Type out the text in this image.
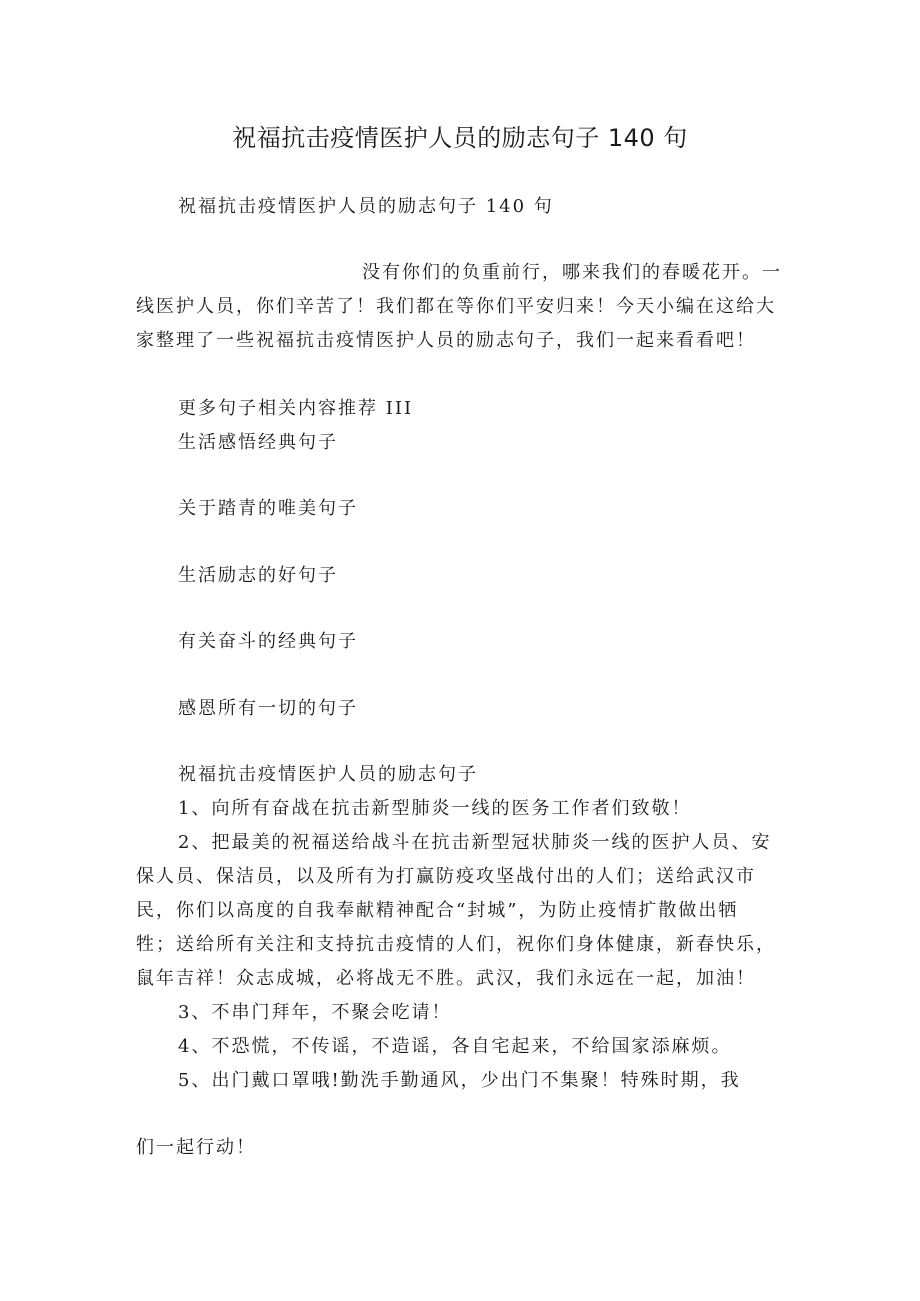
祝福抗击疫情医护人员的励志句子 140 句
祝福抗击疫情医护人员的励志句子 140 句
没有你们的负重前行，哪来我们的春暖花开。一
线医护人员，你们辛苦了！我们都在等你们平安归来！今天小编在这给大
家整理了一些祝福抗击疫情医护人员的励志句子，我们一起来看看吧！
更多句子相关内容推荐 III
生活感悟经典句子
关于踏青的唯美句子
生活励志的好句子
有关奋斗的经典句子
感恩所有一切的句子
祝福抗击疫情医护人员的励志句子
1、向所有奋战在抗击新型肺炎一线的医务工作者们致敬！
2、把最美的祝福送给战斗在抗击新型冠状肺炎一线的医护人员、安
保人员、保洁员，以及所有为打赢防疫攻坚战付出的人们；送给武汉市
民，你们以高度的自我奉献精神配合“封城”，为防止疫情扩散做出牺
牲；送给所有关注和支持抗击疫情的人们，祝你们身体健康，新春快乐，
鼠年吉祥！众志成城，必将战无不胜。武汉，我们永远在一起，加油！
3、不串门拜年，不聚会吃请！
4、不恐慌，不传谣，不造谣，各自宅起来，不给国家添麻烦。
5、出门戴口罩哦!勤洗手勤通风，少出门不集聚！特殊时期，我
们一起行动！
